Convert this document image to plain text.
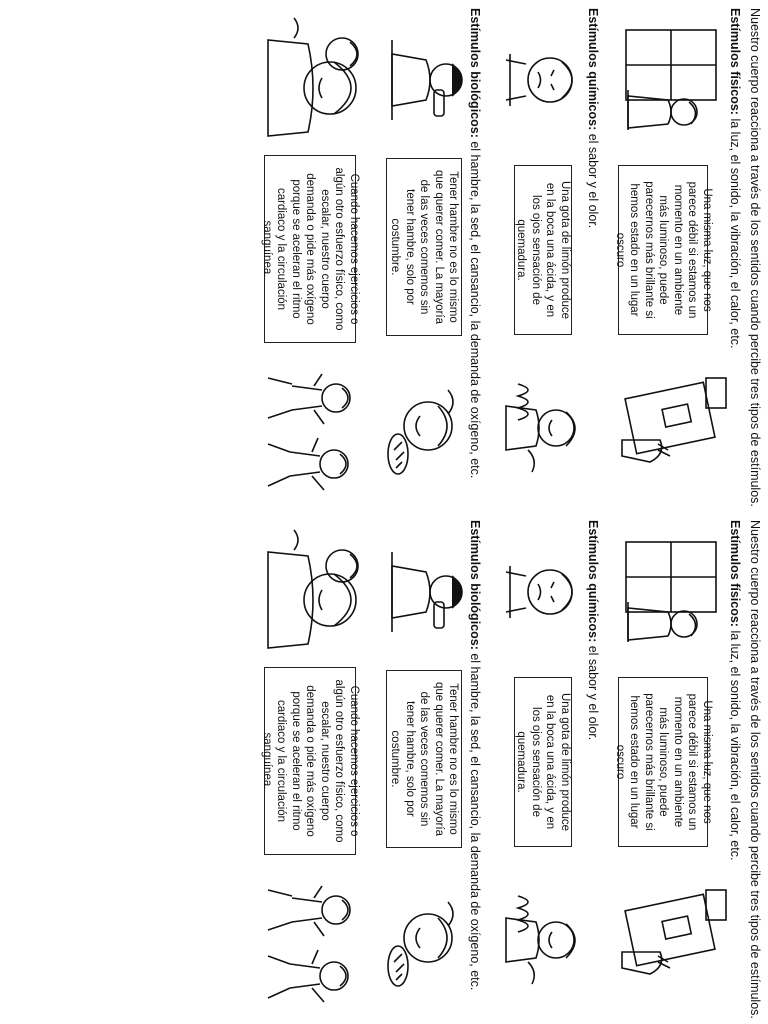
Nuestro cuerpo reacciona a través de los sentidos cuando percibe tres tipos de estímulos.
Estímulos físicos: la luz, el sonido, la vibración, el calor, etc.
Una misma luz, que nos parece débil si estamos un momento en un ambiente más luminoso, puede parecernos más brillante si hemos estado en un lugar oscuro
Estímulos químicos: el sabor y el olor.
Una gota de limón produce en la boca una ácida, y en los ojos sensación de quemadura.
Estímulos biológicos: el hambre, la sed, el cansancio, la demanda de oxígeno, etc.
Tener hambre no es lo mismo que querer comer. La mayoría de las veces comemos sin tener hambre, solo por costumbre.
Cuando hacemos ejercicios o algún otro esfuerzo físico, como escalar, nuestro cuerpo demanda o pide más oxígeno porque se aceleran el ritmo cardiaco y la circulación sanguínea.
Nuestro cuerpo reacciona a través de los sentidos cuando percibe tres tipos de estímulos.
Estímulos físicos: la luz, el sonido, la vibración, el calor, etc.
Una misma luz, que nos parece débil si estamos un momento en un ambiente más luminoso, puede parecernos más brillante si hemos estado en un lugar oscuro
Estímulos químicos: el sabor y el olor.
Una gota de limón produce en la boca una ácida, y en los ojos sensación de quemadura.
Estímulos biológicos: el hambre, la sed, el cansancio, la demanda de oxígeno, etc.
Tener hambre no es lo mismo que querer comer. La mayoría de las veces comemos sin tener hambre, solo por costumbre.
Cuando hacemos ejercicios o algún otro esfuerzo físico, como escalar, nuestro cuerpo demanda o pide más oxígeno porque se aceleran el ritmo cardiaco y la circulación sanguínea.
